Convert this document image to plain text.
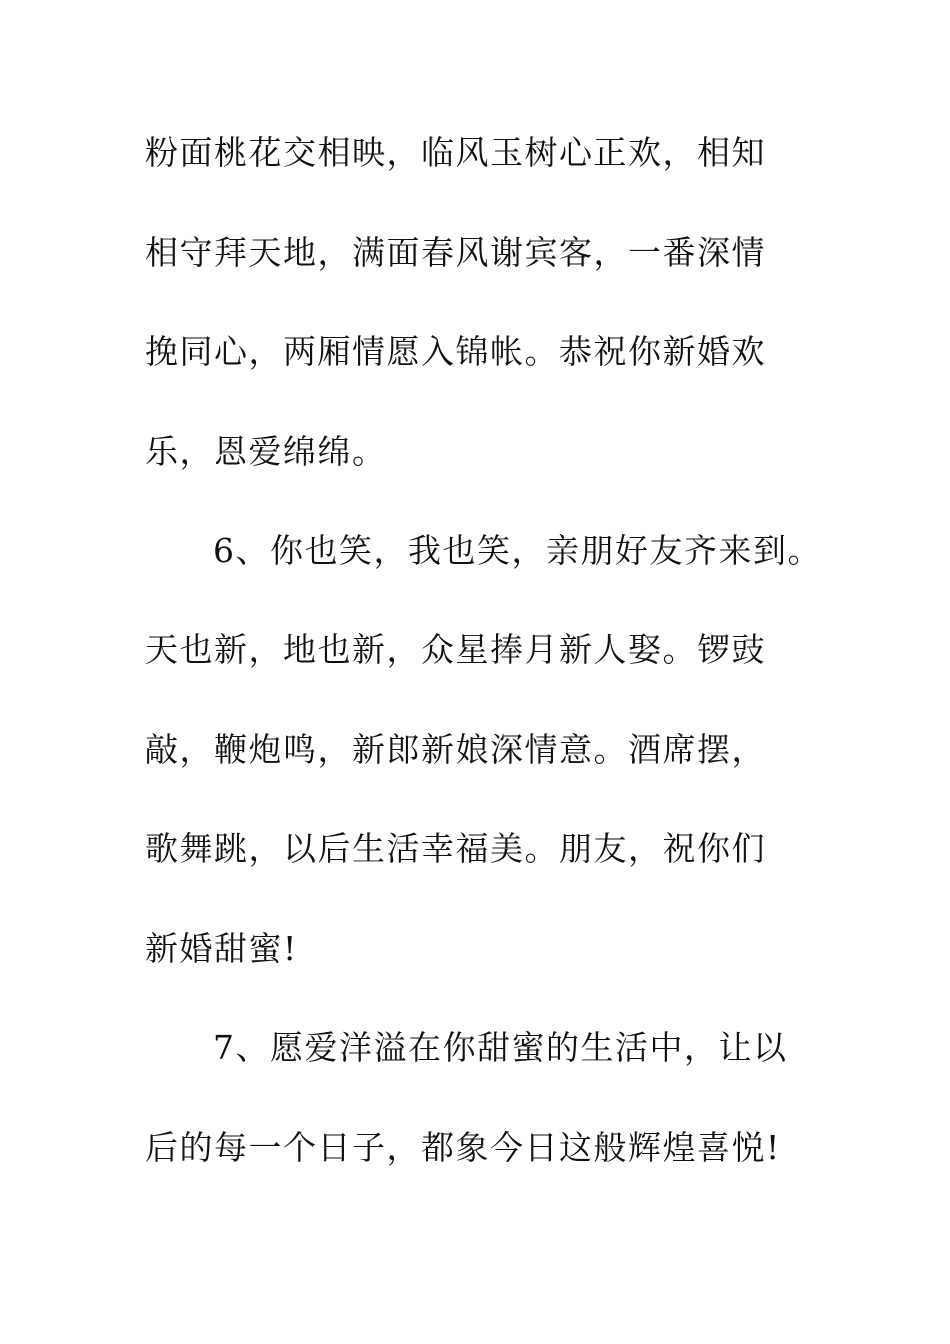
粉面桃花交相映，临风玉树心正欢，相知

相守拜天地，满面春风谢宾客，一番深情

挽同心，两厢情愿入锦帐。恭祝你新婚欢

乐，恩爱绵绵。

6、你也笑，我也笑，亲朋好友齐来到。

天也新，地也新，众星捧月新人娶。锣豉

敲，鞭炮鸣，新郎新娘深情意。酒席摆，

歌舞跳，以后生活幸福美。朋友，祝你们

新婚甜蜜!

7、愿爱洋溢在你甜蜜的生活中，让以

后的每一个日子，都象今日这般辉煌喜悦!
